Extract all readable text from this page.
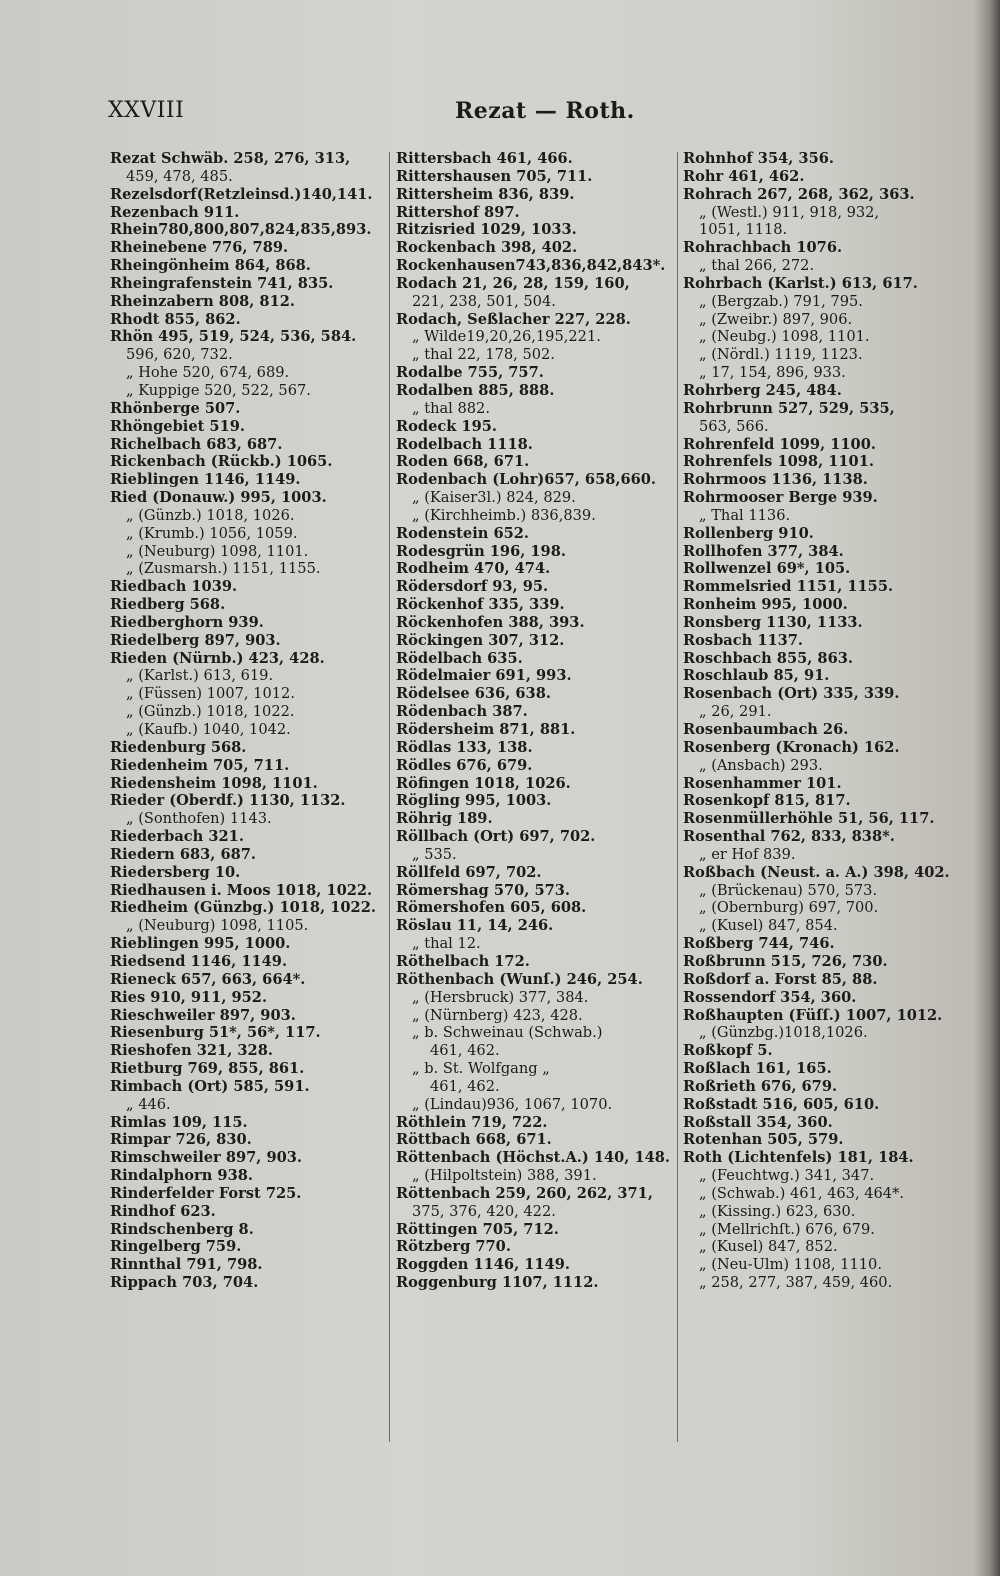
XXVIII	Rezat — Roth.
Rezat Schwäb. 258, 276, 313,
459, 478, 485.
Rezelsdorf(Retzleinsd.)140,141.
Rezenbach 911.
Rhein780,800,807,824,835,893.
Rheinebene 776, 789.
Rheingönheim 864, 868.
Rheingrafenstein 741, 835.
Rheinzabern 808, 812.
Rhodt 855, 862.
Rhön 495, 519, 524, 536, 584.
596, 620, 732.
„ Hohe 520, 674, 689.
„ Kuppige 520, 522, 567.
Rhönberge 507.
Rhöngebiet 519.
Richelbach 683, 687.
Rickenbach (Rückb.) 1065.
Rieblingen 1146, 1149.
Ried (Donauw.) 995, 1003.
„ (Günzb.) 1018, 1026.
„ (Krumb.) 1056, 1059.
„ (Neuburg) 1098, 1101.
„ (Zusmarsh.) 1151, 1155.
Riedbach 1039.
Riedberg 568.
Riedberghorn 939.
Riedelberg 897, 903.
Rieden (Nürnb.) 423, 428.
„ (Karlst.) 613, 619.
„ (Füssen) 1007, 1012.
„ (Günzb.) 1018, 1022.
„ (Kaufb.) 1040, 1042.
Riedenburg 568.
Riedenheim 705, 711.
Riedensheim 1098, 1101.
Rieder (Oberdf.) 1130, 1132.
„ (Sonthofen) 1143.
Riederbach 321.
Riedern 683, 687.
Riedersberg 10.
Riedhausen i. Moos 1018, 1022.
Riedheim (Günzbg.) 1018, 1022.
„ (Neuburg) 1098, 1105.
Rieblingen 995, 1000.
Riedsend 1146, 1149.
Rieneck 657, 663, 664*.
Ries 910, 911, 952.
Rieschweiler 897, 903.
Riesenburg 51*, 56*, 117.
Rieshofen 321, 328.
Rietburg 769, 855, 861.
Rimbach (Ort) 585, 591.
„ 446.
Rimlas 109, 115.
Rimpar 726, 830.
Rimschweiler 897, 903.
Rindalphorn 938.
Rinderfelder Forst 725.
Rindhof 623.
Rindschenberg 8.
Ringelberg 759.
Rinnthal 791, 798.
Rippach 703, 704.
Rittersbach 461, 466.
Rittershausen 705, 711.
Rittersheim 836, 839.
Rittershof 897.
Ritzisried 1029, 1033.
Rockenbach 398, 402.
Rockenhausen743,836,842,843*.
Rodach 21, 26, 28, 159, 160,
221, 238, 501, 504.
Rodach, Seßlacher 227, 228.
„ Wilde19,20,26,195,221.
„ thal 22, 178, 502.
Rodalbe 755, 757.
Rodalben 885, 888.
„ thal 882.
Rodeck 195.
Rodelbach 1118.
Roden 668, 671.
Rodenbach (Lohr)657, 658,660.
„ (Kaiser3l.) 824, 829.
„ (Kirchheimb.) 836,839.
Rodenstein 652.
Rodesgrün 196, 198.
Rodheim 470, 474.
Rödersdorf 93, 95.
Röckenhof 335, 339.
Röckenhofen 388, 393.
Röckingen 307, 312.
Rödelbach 635.
Rödelmaier 691, 993.
Rödelsee 636, 638.
Rödenbach 387.
Rödersheim 871, 881.
Rödlas 133, 138.
Rödles 676, 679.
Röfingen 1018, 1026.
Rögling 995, 1003.
Röhrig 189.
Röllbach (Ort) 697, 702.
„ 535.
Röllfeld 697, 702.
Römershag 570, 573.
Römershofen 605, 608.
Röslau 11, 14, 246.
„ thal 12.
Röthelbach 172.
Röthenbach (Wunſ.) 246, 254.
„ (Hersbruck) 377, 384.
„ (Nürnberg) 423, 428.
„ b. Schweinau (Schwab.)
461, 462.
„ b. St. Wolfgang „
461, 462.
„ (Lindau)936, 1067, 1070.
Röthlein 719, 722.
Röttbach 668, 671.
Röttenbach (Höchst.A.) 140, 148.
„ (Hilpoltstein) 388, 391.
Röttenbach 259, 260, 262, 371,
375, 376, 420, 422.
Röttingen 705, 712.
Rötzberg 770.
Roggden 1146, 1149.
Roggenburg 1107, 1112.
Rohnhof 354, 356.
Rohr 461, 462.
Rohrach 267, 268, 362, 363.
„ (Westl.) 911, 918, 932,
1051, 1118.
Rohrachbach 1076.
„ thal 266, 272.
Rohrbach (Karlst.) 613, 617.
„ (Bergzab.) 791, 795.
„ (Zweibr.) 897, 906.
„ (Neubg.) 1098, 1101.
„ (Nördl.) 1119, 1123.
„ 17, 154, 896, 933.
Rohrberg 245, 484.
Rohrbrunn 527, 529, 535,
563, 566.
Rohrenfeld 1099, 1100.
Rohrenfels 1098, 1101.
Rohrmoos 1136, 1138.
Rohrmooser Berge 939.
„ Thal 1136.
Rollenberg 910.
Rollhofen 377, 384.
Rollwenzel 69*, 105.
Rommelsried 1151, 1155.
Ronheim 995, 1000.
Ronsberg 1130, 1133.
Rosbach 1137.
Roschbach 855, 863.
Roschlaub 85, 91.
Rosenbach (Ort) 335, 339.
„ 26, 291.
Rosenbaumbach 26.
Rosenberg (Kronach) 162.
„ (Ansbach) 293.
Rosenhammer 101.
Rosenkopf 815, 817.
Rosenmüllerhöhle 51, 56, 117.
Rosenthal 762, 833, 838*.
„ er Hof 839.
Roßbach (Neust. a. A.) 398, 402.
„ (Brückenau) 570, 573.
„ (Obernburg) 697, 700.
„ (Kusel) 847, 854.
Roßberg 744, 746.
Roßbrunn 515, 726, 730.
Roßdorf a. Forst 85, 88.
Rossendorf 354, 360.
Roßhaupten (Füſſ.) 1007, 1012.
„ (Günzbg.)1018,1026.
Roßkopf 5.
Roßlach 161, 165.
Roßrieth 676, 679.
Roßstadt 516, 605, 610.
Roßstall 354, 360.
Rotenhan 505, 579.
Roth (Lichtenfels) 181, 184.
„ (Feuchtwg.) 341, 347.
„ (Schwab.) 461, 463, 464*.
„ (Kissing.) 623, 630.
„ (Mellrichſt.) 676, 679.
„ (Kusel) 847, 852.
„ (Neu-Ulm) 1108, 1110.
„ 258, 277, 387, 459, 460.
